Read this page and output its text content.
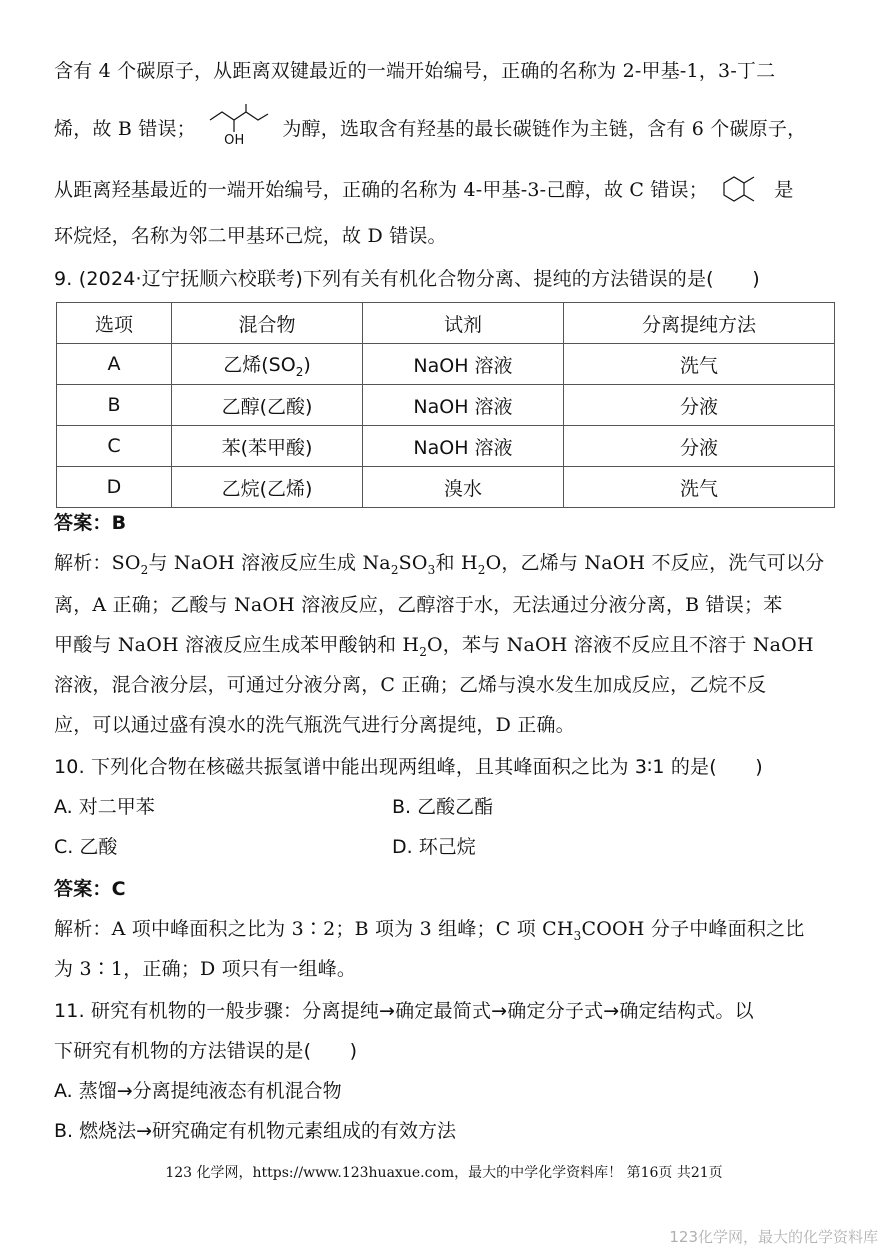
含有 4 个碳原子，从距离双键最近的一端开始编号，正确的名称为 2-甲基-1，3-丁二
烯，故 B 错误；
OH
为醇，选取含有羟基的最长碳链作为主链，含有 6 个碳原子，
从距离羟基最近的一端开始编号，正确的名称为 4-甲基-3-己醇，故 C 错误；	是
环烷烃，名称为邻二甲基环己烷，故 D 错误。
9. (2024·辽宁抚顺六校联考)下列有关有机化合物分离、提纯的方法错误的是(　　)
选项	混合物	试剂	分离提纯方法
A	乙烯$(SO_2)$	NaOH 溶液	洗气
B	乙醇(乙酸)	NaOH 溶液	分液
C	苯(苯甲酸)	NaOH 溶液	分液
D	乙烷(乙烯)	溴水	洗气
答案：B
解析：$SO_2$与 NaOH 溶液反应生成 $Na_2SO_3$和 $H_2O$，乙烯与 NaOH 不反应，洗气可以分
离，A 正确；乙酸与 NaOH 溶液反应，乙醇溶于水，无法通过分液分离，B 错误；苯
甲酸与 NaOH 溶液反应生成苯甲酸钠和 $H_2O$，苯与 NaOH 溶液不反应且不溶于 NaOH
溶液，混合液分层，可通过分液分离，C 正确；乙烯与溴水发生加成反应，乙烷不反
应，可以通过盛有溴水的洗气瓶洗气进行分离提纯，D 正确。
10. 下列化合物在核磁共振氢谱中能出现两组峰，且其峰面积之比为 3∶1 的是(　　)
A. 对二甲苯	B. 乙酸乙酯
C. 乙酸	D. 环己烷
答案：C
解析：A 项中峰面积之比为 3∶2；B 项为 3 组峰；C 项 $CH_3COOH$ 分子中峰面积之比
为 3∶1，正确；D 项只有一组峰。
11. 研究有机物的一般步骤：分离提纯→确定最简式→确定分子式→确定结构式。以
下研究有机物的方法错误的是(　　)
A. 蒸馏→分离提纯液态有机混合物
B. 燃烧法→研究确定有机物元素组成的有效方法
123 化学网，https://www.123huaxue.com，最大的中学化学资料库！ 第16页 共21页
123化学网，最大的化学资料库
